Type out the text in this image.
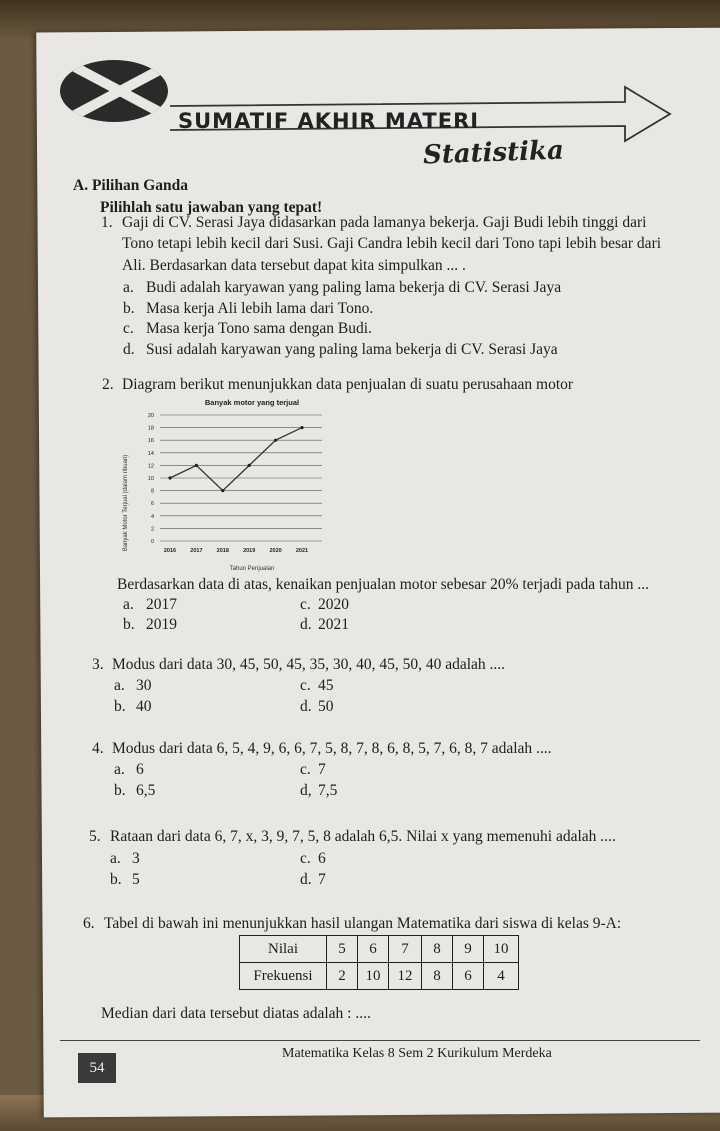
SUMATIF AKHIR MATERI
Statistika
A. Pilihan Ganda
Pilihlah satu jawaban yang tepat!
1. Gaji di CV. Serasi Jaya didasarkan pada lamanya bekerja. Gaji Budi lebih tinggi dari
Tono tetapi lebih kecil dari Susi. Gaji Candra lebih kecil dari Tono tapi lebih besar dari
Ali. Berdasarkan data tersebut dapat kita simpulkan ... .
a. Budi adalah karyawan yang paling lama bekerja di CV. Serasi Jaya
b. Masa kerja Ali lebih lama dari Tono.
c. Masa kerja Tono sama dengan Budi.
d. Susi adalah karyawan yang paling lama bekerja di CV. Serasi Jaya
2. Diagram berikut menunjukkan data penjualan di suatu perusahaan motor
Banyak motor yang terjual
Banyak Motor Terjual (dalam ribuan)	0
2
4
6
8
10
12
14
16
18
20
2016	2017	2018	2019	2020	2021
Tahun Penjualan
Berdasarkan data di atas, kenaikan penjualan motor sebesar 20% terjadi pada tahun ...
a. 2017
b. 2019
c. 2020
d. 2021
3. Modus dari data 30, 45, 50, 45, 35, 30, 40, 45, 50, 40 adalah ....
a. 30
b. 40
c. 45
d. 50
4. Modus dari data 6, 5, 4, 9, 6, 6, 7, 5, 8, 7, 8, 6, 8, 5, 7, 6, 8, 7 adalah ....
a. 6
b. 6,5
c. 7
d, 7,5
5. Rataan dari data 6, 7, x, 3, 9, 7, 5, 8 adalah 6,5. Nilai x yang memenuhi adalah ....
a. 3
b. 5
c. 6
d. 7
6. Tabel di bawah ini menunjukkan hasil ulangan Matematika dari siswa di kelas 9-A:
Nilai	5	6	7	8	9	10
Frekuensi	2	10	12	8	6	4
Median dari data tersebut diatas adalah : ....
54
Matematika Kelas 8 Sem 2 Kurikulum Merdeka
